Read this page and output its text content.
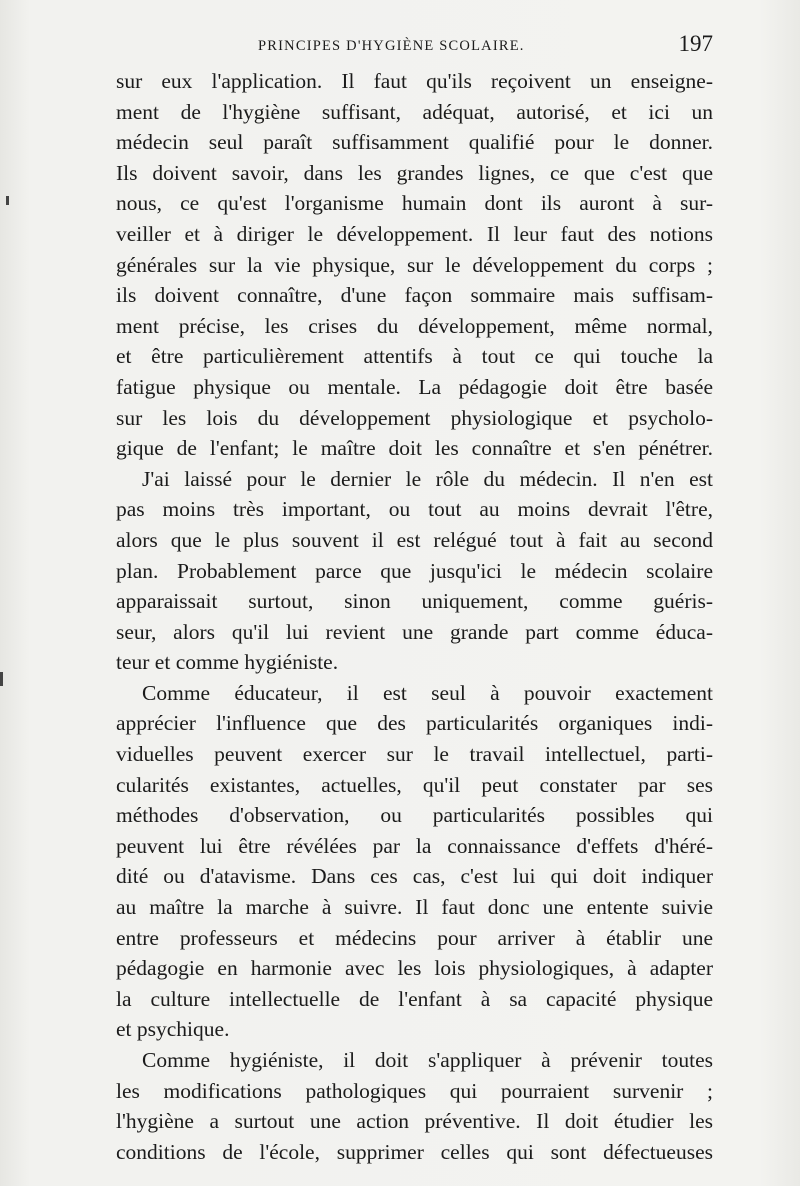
PRINCIPES D'HYGIÈNE SCOLAIRE.	197
sur eux l'application. Il faut qu'ils reçoivent un enseigne-
ment de l'hygiène suffisant, adéquat, autorisé, et ici un
médecin seul paraît suffisamment qualifié pour le donner.
Ils doivent savoir, dans les grandes lignes, ce que c'est que
nous, ce qu'est l'organisme humain dont ils auront à sur-
veiller et à diriger le développement. Il leur faut des notions
générales sur la vie physique, sur le développement du corps ;
ils doivent connaître, d'une façon sommaire mais suffisam-
ment précise, les crises du développement, même normal,
et être particulièrement attentifs à tout ce qui touche la
fatigue physique ou mentale. La pédagogie doit être basée
sur les lois du développement physiologique et psycholo-
gique de l'enfant; le maître doit les connaître et s'en pénétrer.
J'ai laissé pour le dernier le rôle du médecin. Il n'en est
pas moins très important, ou tout au moins devrait l'être,
alors que le plus souvent il est relégué tout à fait au second
plan. Probablement parce que jusqu'ici le médecin scolaire
apparaissait surtout, sinon uniquement, comme guéris-
seur, alors qu'il lui revient une grande part comme éduca-
teur et comme hygiéniste.
Comme éducateur, il est seul à pouvoir exactement
apprécier l'influence que des particularités organiques indi-
viduelles peuvent exercer sur le travail intellectuel, parti-
cularités existantes, actuelles, qu'il peut constater par ses
méthodes d'observation, ou particularités possibles qui
peuvent lui être révélées par la connaissance d'effets d'héré-
dité ou d'atavisme. Dans ces cas, c'est lui qui doit indiquer
au maître la marche à suivre. Il faut donc une entente suivie
entre professeurs et médecins pour arriver à établir une
pédagogie en harmonie avec les lois physiologiques, à adapter
la culture intellectuelle de l'enfant à sa capacité physique
et psychique.
Comme hygiéniste, il doit s'appliquer à prévenir toutes
les modifications pathologiques qui pourraient survenir ;
l'hygiène a surtout une action préventive. Il doit étudier les
conditions de l'école, supprimer celles qui sont défectueuses
